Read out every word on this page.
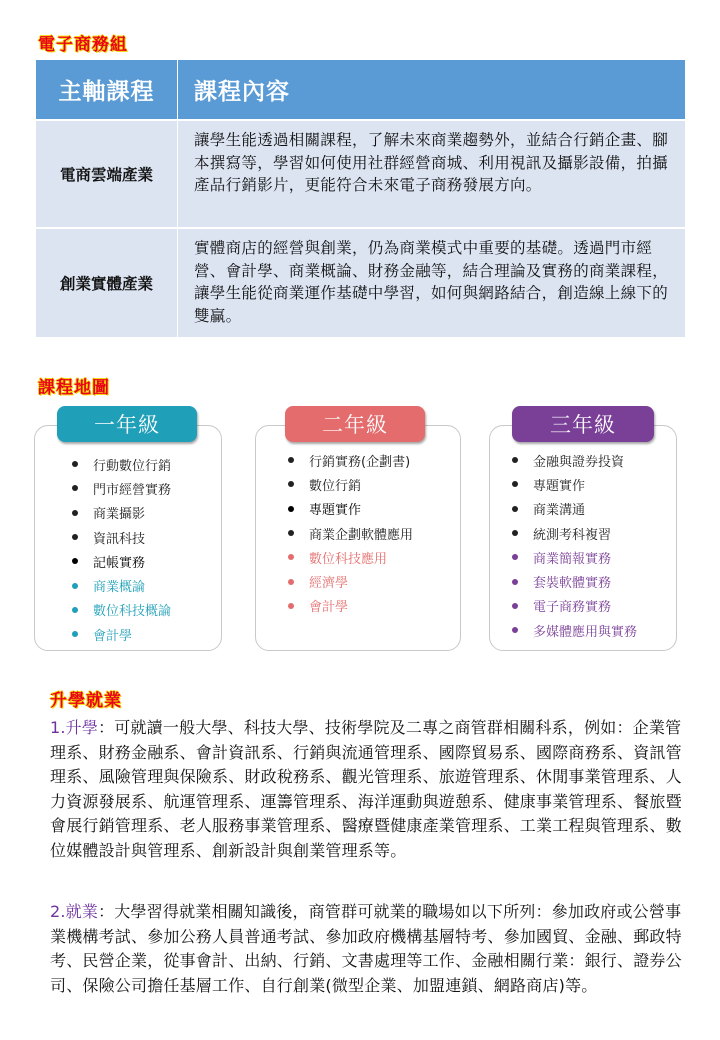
電子商務組
主軸課程	課程內容
電商雲端產業
讓學生能透過相關課程，了解未來商業趨勢外，並結合行銷企畫、腳本撰寫等，學習如何使用社群經營商城、利用視訊及攝影設備，拍攝產品行銷影片，更能符合未來電子商務發展方向。
創業實體產業
實體商店的經營與創業，仍為商業模式中重要的基礎。透過門市經營、會計學、商業概論、財務金融等，結合理論及實務的商業課程，讓學生能從商業運作基礎中學習，如何與網路結合，創造線上線下的雙贏。
課程地圖
一年級
行動數位行銷
門市經營實務
商業攝影
資訊科技
記帳實務
商業概論
數位科技概論
會計學
二年級
行銷實務(企劃書)
數位行銷
專題實作
商業企劃軟體應用
數位科技應用
經濟學
會計學
三年級
金融與證券投資
專題實作
商業溝通
統測考科複習
商業簡報實務
套裝軟體實務
電子商務實務
多媒體應用與實務
升學就業
1.升學：可就讀一般大學、科技大學、技術學院及二專之商管群相關科系，例如：企業管理系、財務金融系、會計資訊系、行銷與流通管理系、國際貿易系、國際商務系、資訊管理系、風險管理與保險系、財政稅務系、觀光管理系、旅遊管理系、休閒事業管理系、人力資源發展系、航運管理系、運籌管理系、海洋運動與遊憩系、健康事業管理系、餐旅暨會展行銷管理系、老人服務事業管理系、醫療暨健康產業管理系、工業工程與管理系、數位媒體設計與管理系、創新設計與創業管理系等。
2.就業：大學習得就業相關知識後，商管群可就業的職場如以下所列：參加政府或公營事業機構考試、參加公務人員普通考試、參加政府機構基層特考、參加國貿、金融、郵政特考、民營企業，從事會計、出納、行銷、文書處理等工作、金融相關行業：銀行、證券公司、保險公司擔任基層工作、自行創業(微型企業、加盟連鎖、網路商店)等。
